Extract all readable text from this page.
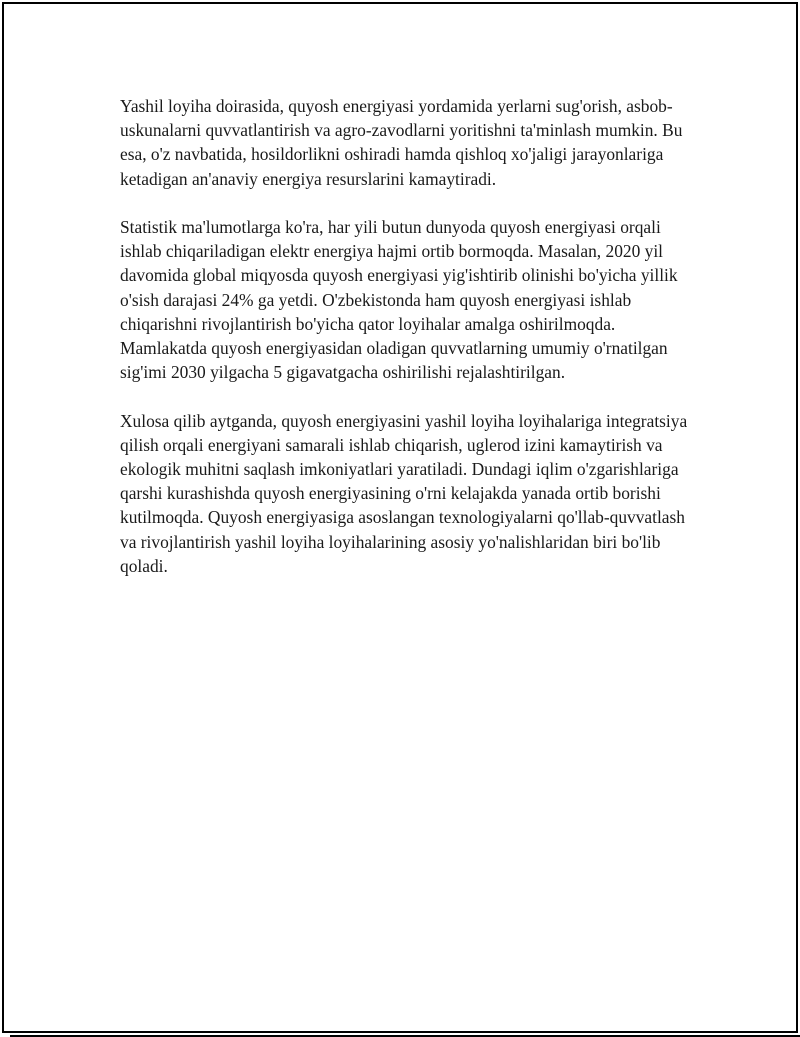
Yashil loyiha doirasida, quyosh energiyasi yordamida yerlarni sug'orish, asbob-uskunalarni quvvatlantirish va agro-zavodlarni yoritishni ta'minlash mumkin. Bu esa, o'z navbatida, hosildorlikni oshiradi hamda qishloq xo'jaligi jarayonlariga ketadigan an'anaviy energiya resurslarini kamaytiradi.

Statistik ma'lumotlarga ko'ra, har yili butun dunyoda quyosh energiyasi orqali ishlab chiqariladigan elektr energiya hajmi ortib bormoqda. Masalan, 2020 yil davomida global miqyosda quyosh energiyasi yig'ishtirib olinishi bo'yicha yillik o'sish darajasi 24% ga yetdi. O'zbekistonda ham quyosh energiyasi ishlab chiqarishni rivojlantirish bo'yicha qator loyihalar amalga oshirilmoqda. Mamlakatda quyosh energiyasidan oladigan quvvatlarning umumiy o'rnatilgan sig'imi 2030 yilgacha 5 gigavatgacha oshirilishi rejalashtirilgan.

Xulosa qilib aytganda, quyosh energiyasini yashil loyiha loyihalariga integratsiya qilish orqali energiyani samarali ishlab chiqarish, uglerod izini kamaytirish va ekologik muhitni saqlash imkoniyatlari yaratiladi. Dundagi iqlim o'zgarishlariga qarshi kurashishda quyosh energiyasining o'rni kelajakda yanada ortib borishi kutilmoqda. Quyosh energiyasiga asoslangan texnologiyalarni qo'llab-quvvatlash va rivojlantirish yashil loyiha loyihalarining asosiy yo'nalishlaridan biri bo'lib qoladi.
